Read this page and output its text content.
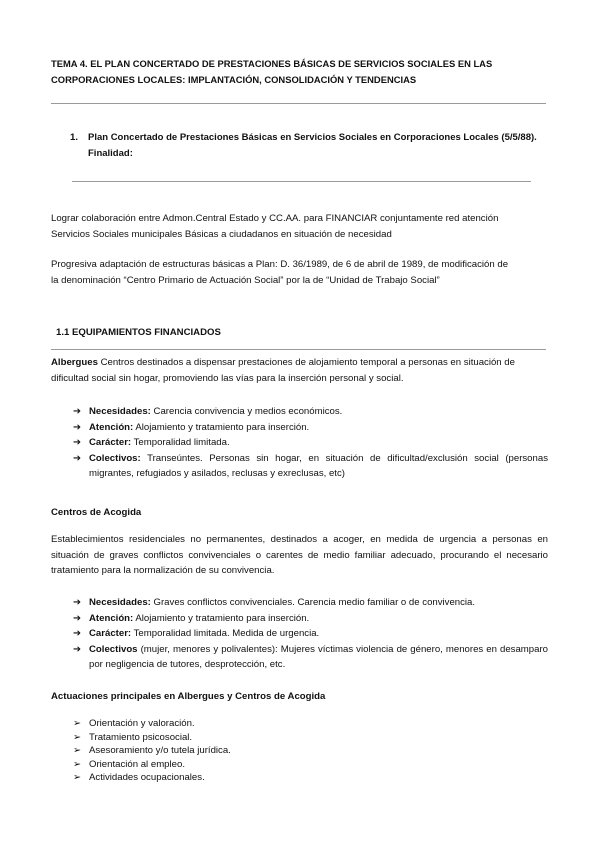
TEMA 4. EL PLAN CONCERTADO DE PRESTACIONES BÁSICAS DE SERVICIOS SOCIALES EN LAS

CORPORACIONES LOCALES: IMPLANTACIÓN, CONSOLIDACIÓN Y TENDENCIAS

1. Plan Concertado de Prestaciones Básicas en Servicios Sociales en Corporaciones Locales (5/5/88).

Finalidad:

Lograr colaboración entre Admon.Central Estado y CC.AA. para FINANCIAR conjuntamente red atención

Servicios Sociales municipales Básicas a ciudadanos en situación de necesidad

Progresiva adaptación de estructuras básicas a Plan: D. 36/1989, de 6 de abril de 1989, de modificación de

la denominación “Centro Primario de Actuación Social” por la de “Unidad de Trabajo Social”

1.1 EQUIPAMIENTOS FINANCIADOS

Albergues Centros destinados a dispensar prestaciones de alojamiento temporal a personas en situación de

dificultad social sin hogar, promoviendo las vías para la inserción personal y social.

➔ Necesidades: Carencia convivencia y medios económicos.
➔ Atención: Alojamiento y tratamiento para inserción.
➔ Carácter: Temporalidad limitada.
➔ Colectivos: Transeúntes. Personas sin hogar, en situación de dificultad/exclusión social (personas migrantes, refugiados y asilados, reclusas y exreclusas, etc)

Centros de Acogida

Establecimientos residenciales no permanentes, destinados a acoger, en medida de urgencia a personas en situación de graves conflictos convivenciales o carentes de medio familiar adecuado, procurando el necesario tratamiento para la normalización de su convivencia.

➔ Necesidades: Graves conflictos convivenciales. Carencia medio familiar o de convivencia.
➔ Atención: Alojamiento y tratamiento para inserción.
➔ Carácter: Temporalidad limitada. Medida de urgencia.
➔ Colectivos (mujer, menores y polivalentes): Mujeres víctimas violencia de género, menores en desamparo por negligencia de tutores, desprotección, etc.

Actuaciones principales en Albergues y Centros de Acogida

➢ Orientación y valoración.
➢ Tratamiento psicosocial.
➢ Asesoramiento y/o tutela jurídica.
➢ Orientación al empleo.
➢ Actividades ocupacionales.
